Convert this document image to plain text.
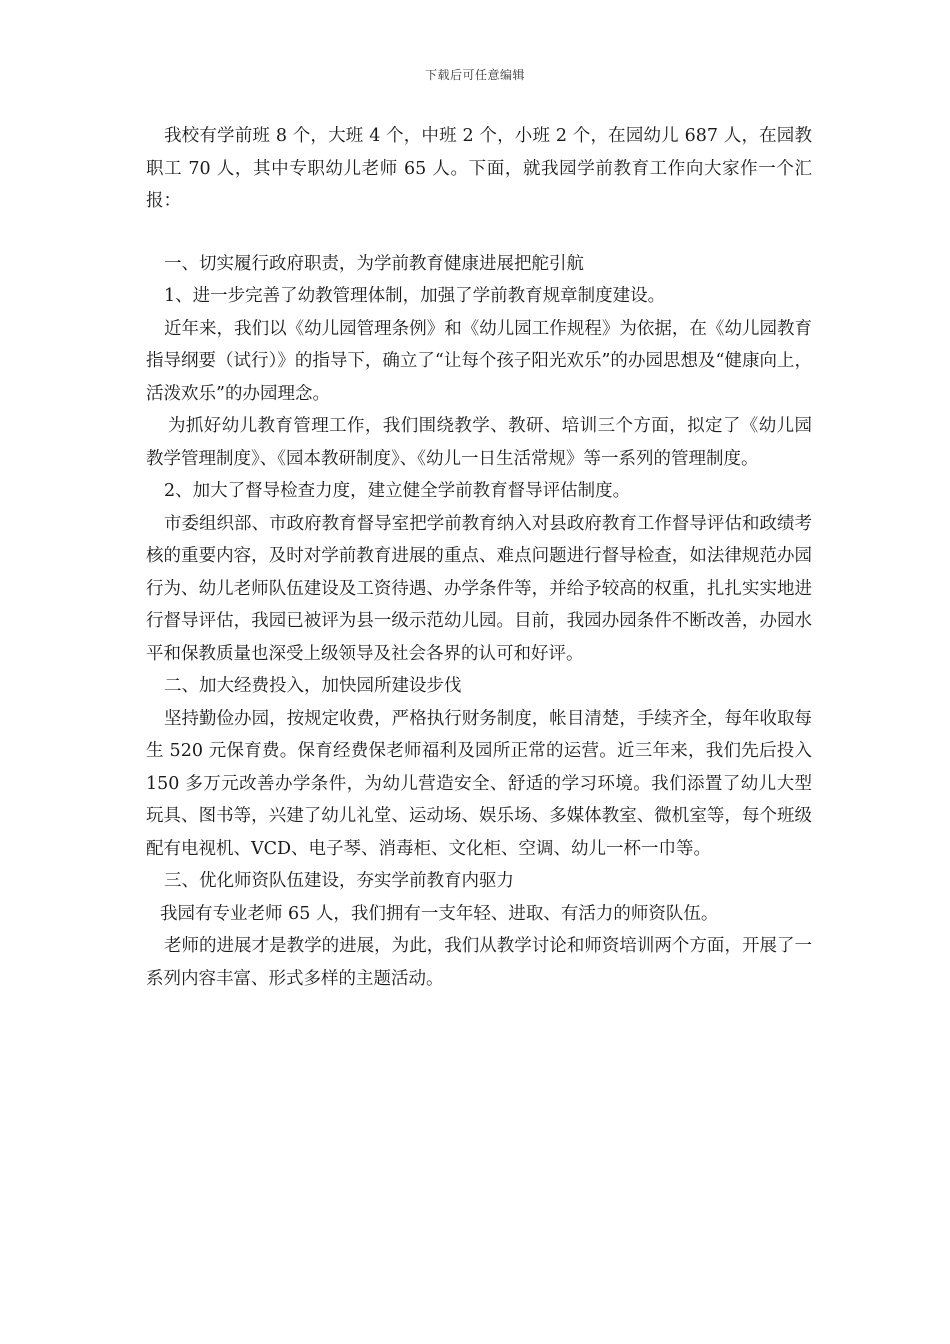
下载后可任意编辑

我校有学前班 8 个，大班 4 个，中班 2 个，小班 2 个，在园幼儿 687 人，在园教职工 70 人，其中专职幼儿老师 65 人。下面，就我园学前教育工作向大家作一个汇报：

一、切实履行政府职责，为学前教育健康进展把舵引航

1、进一步完善了幼教管理体制，加强了学前教育规章制度建设。

近年来，我们以《幼儿园管理条例》和《幼儿园工作规程》为依据，在《幼儿园教育指导纲要（试行）》的指导下，确立了“让每个孩子阳光欢乐”的办园思想及“健康向上，活泼欢乐”的办园理念。

为抓好幼儿教育管理工作，我们围绕教学、教研、培训三个方面，拟定了《幼儿园教学管理制度》、《园本教研制度》、《幼儿一日生活常规》等一系列的管理制度。

2、加大了督导检查力度，建立健全学前教育督导评估制度。

市委组织部、市政府教育督导室把学前教育纳入对县政府教育工作督导评估和政绩考核的重要内容，及时对学前教育进展的重点、难点问题进行督导检查，如法律规范办园行为、幼儿老师队伍建设及工资待遇、办学条件等，并给予较高的权重，扎扎实实地进行督导评估，我园已被评为县一级示范幼儿园。目前，我园办园条件不断改善，办园水平和保教质量也深受上级领导及社会各界的认可和好评。

二、加大经费投入，加快园所建设步伐

坚持勤俭办园，按规定收费，严格执行财务制度，帐目清楚，手续齐全，每年收取每生 520 元保育费。保育经费保老师福利及园所正常的运营。近三年来，我们先后投入 150 多万元改善办学条件，为幼儿营造安全、舒适的学习环境。我们添置了幼儿大型玩具、图书等，兴建了幼儿礼堂、运动场、娱乐场、多媒体教室、微机室等，每个班级配有电视机、VCD、电子琴、消毒柜、文化柜、空调、幼儿一杯一巾等。

三、优化师资队伍建设，夯实学前教育内驱力

我园有专业老师 65 人，我们拥有一支年轻、进取、有活力的师资队伍。

老师的进展才是教学的进展，为此，我们从教学讨论和师资培训两个方面，开展了一系列内容丰富、形式多样的主题活动。
